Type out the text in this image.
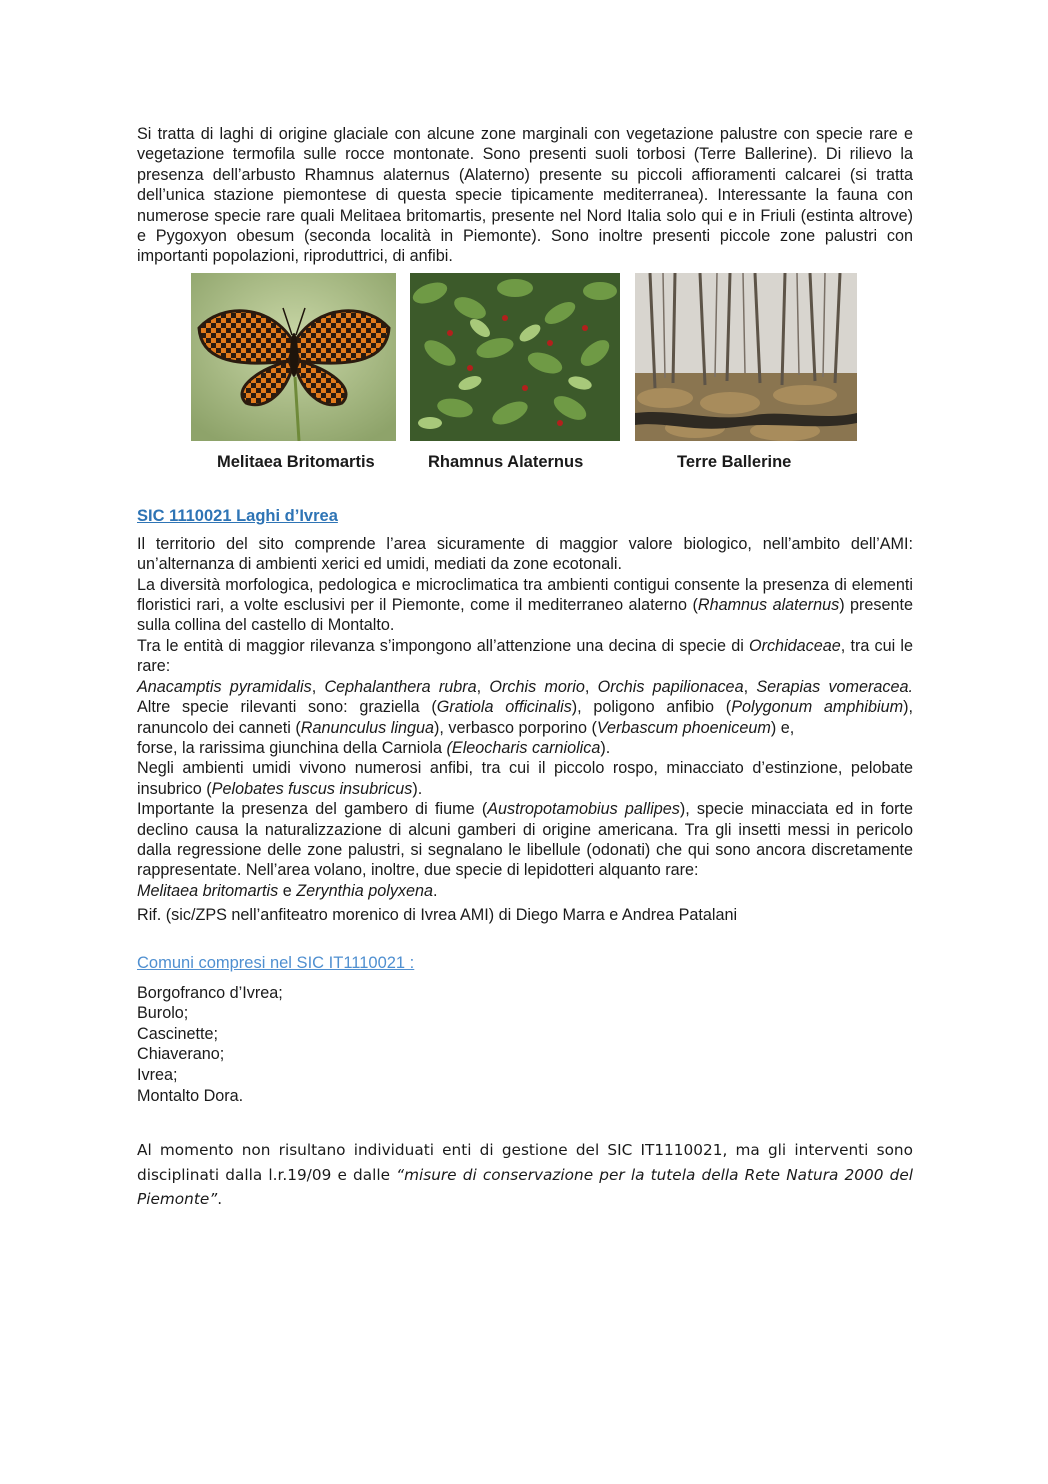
Si tratta di laghi di origine glaciale con alcune zone marginali con vegetazione palustre con specie rare e vegetazione termofila sulle rocce montonate. Sono presenti suoli torbosi (Terre Ballerine). Di rilievo la presenza dell’arbusto Rhamnus alaternus (Alaterno) presente su piccoli affioramenti calcarei (si tratta dell’unica stazione piemontese di questa specie tipicamente mediterranea). Interessante la fauna con numerose specie rare quali Melitaea britomartis, presente nel Nord Italia solo qui e in Friuli (estinta altrove) e Pygoxyon obesum (seconda località in Piemonte). Sono inoltre presenti piccole zone palustri con importanti popolazioni, riproduttrici, di anfibi.

Melitaea Britomartis	Rhamnus Alaternus	Terre Ballerine
SIC 1110021 Laghi d’Ivrea

Il territorio del sito comprende l’area sicuramente di maggior valore biologico, nell’ambito dell’AMI: un’alternanza di ambienti xerici ed umidi, mediati da zone ecotonali.

La diversità morfologica, pedologica e microclimatica tra ambienti contigui consente la presenza di elementi floristici rari, a volte esclusivi per il Piemonte, come il mediterraneo alaterno (Rhamnus alaternus) presente sulla collina del castello di Montalto.

Tra le entità di maggior rilevanza s’impongono all’attenzione una decina di specie di Orchidaceae, tra cui le rare:

Anacamptis pyramidalis, Cephalanthera rubra, Orchis morio, Orchis papilionacea, Serapias vomeracea. Altre specie rilevanti sono: graziella (Gratiola officinalis), poligono anfibio (Polygonum amphibium), ranuncolo dei canneti (Ranunculus lingua), verbasco porporino (Verbascum phoeniceum) e,

forse, la rarissima giunchina della Carniola (Eleocharis carniolica).

Negli ambienti umidi vivono numerosi anfibi, tra cui il piccolo rospo, minacciato d’estinzione, pelobate insubrico (Pelobates fuscus insubricus).

Importante la presenza del gambero di fiume (Austropotamobius pallipes), specie minacciata ed in forte declino causa la naturalizzazione di alcuni gamberi di origine americana. Tra gli insetti messi in pericolo dalla regressione delle zone palustri, si segnalano le libellule (odonati) che qui sono ancora discretamente rappresentate. Nell’area volano, inoltre, due specie di lepidotteri alquanto rare:

Melitaea britomartis e Zerynthia polyxena.

Rif. (sic/ZPS nell’anfiteatro morenico di Ivrea AMI) di Diego Marra e Andrea Patalani

Comuni compresi nel SIC IT1110021 :
Borgofranco d’Ivrea;
Burolo;
Cascinette;
Chiaverano;
Ivrea;
Montalto Dora.

Al momento non risultano individuati enti di gestione del SIC IT1110021, ma gli interventi sono disciplinati dalla l.r.19/09 e dalle “misure di conservazione per la tutela della Rete Natura 2000 del Piemonte”.
